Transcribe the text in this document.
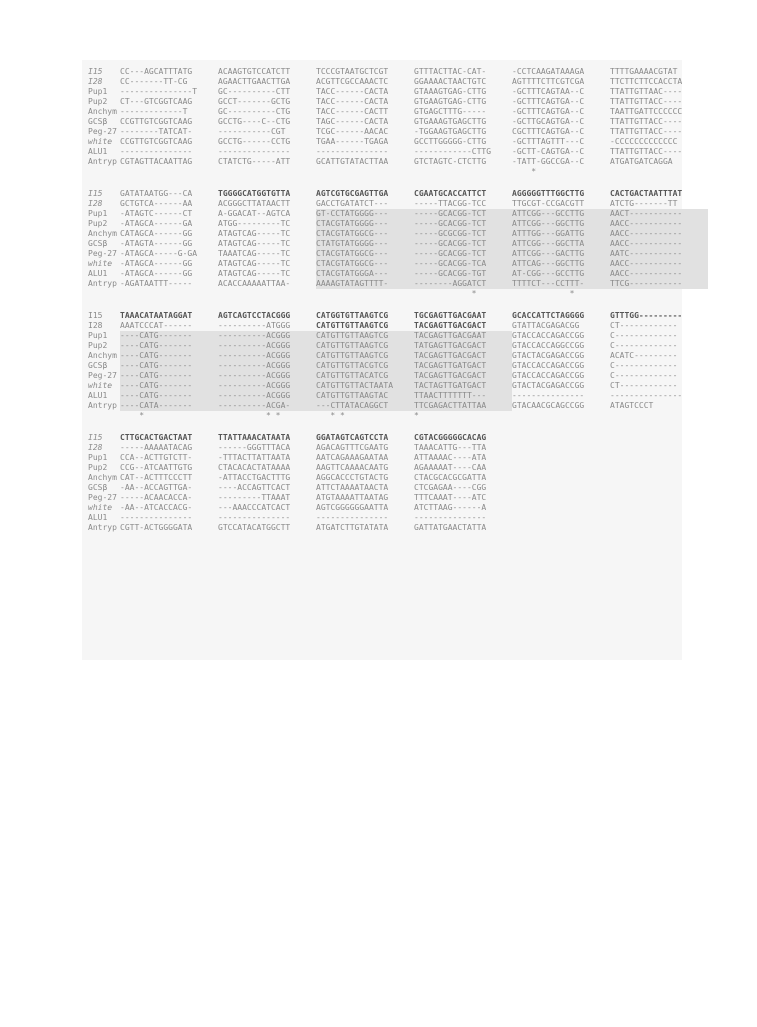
I15	CC---AGCATTTATG	ACAAGTGTCCATCTT	TCCCGTAATGCTCGT	GTTTACTTAC-CAT-	-CCTCAAGATAAAGA	TTTTGAAAACGTAT
I28	CC-------TT-CG	AGAACTTGAACTTGA	ACGTTCGCCAAACTC	GGAAAACTAACTGTC	AGTTTTCTTCGTCGA	TTCTTCTTCCACCTA
Pup1	---------------T	GC----------CTT	TACC------CACTA	GTAAAGTGAG-CTTG	-GCTTTCAGTAA--C	TTATTGTTAAC----
Pup2	CT---GTCGGTCAAG	GCCT-------GCTG	TACC------CACTA	GTGAAGTGAG-CTTG	-GCTTTCAGTGA--C	TTATTGTTACC----
Anchym -------------T	GC----------CTG	TACC------CACTT	GTGAGCTTTG-----	-GCTTTCAGTGA--C	TAATTGATTCCCCCC
GCSβ	CCGTTGTCGGTCAAG	GCCTG----C--CTG	TAGC------CACTA	GTGAAAGTGAGCTTG	-GCTTGCAGTGA--C	TTATTGTTACC----
Peg-27 --------TATCAT-	-----------CGT	TCGC------AACAC	-TGGAAGTGAGCTTG	CGCTTTCAGTGA--C	TTATTGTTACC----
white CCGTTGTCGGTCAAG	GCCTG------CCTG	TGAA------TGAGA	GCCTTGGGGG-CTTG	-GCTTTAGTTT---C	-CCCCCCCCCCCCC
ALU1	---------------	---------------	---------------	------------CTTG	-GCTT-CAGTGA--C	TTATTGTTACC----
Antryp CGTAGTTACAATTAG	CTATCTG-----ATT	GCATTGTATACTTAA	GTCTAGTC-CTCTTG	-TATT-GGCCGA--C	ATGATGATCAGGA
*
I15	GATATAATGG---CA	TGGGGCATGGTGTTA	AGTCGTGCGAGTTGA	CGAATGCACCATTCT	AGGGGGTTTGGCTTG	CACTGACTAATTTAT
I28	GCTGTCA------AA	ACGGGCTTATAACTT	GACCTGATATCT---	-----TTACGG-TCC	TTGCGT-CCGACGTT	ATCTG-------TT
Pup1	-ATAGTC------CT	A-GGACAT--AGTCA	GT-CCTATGGGG---	-----GCACGG-TCT	ATTCGG---GCCTTG	AACT-----------
Pup2	-ATAGCA------GA	ATGG---------TC	CTACGTATGGGG---	-----GCACGG-TCT	ATTCGG---GGCTTG	AACC-----------
Anchym CATAGCA------GG	ATAGTCAG-----TC	CTACGTATGGCG---	-----GCGCGG-TCT	ATTTGG---GGATTG	AACC-----------
GCSβ	-ATAGTA------GG	ATAGTCAG-----TC	CTATGTATGGGG---	-----GCACGG-TCT	ATTCGG---GGCTTA	AACC-----------
Peg-27 -ATAGCA-----G-GA	TAAATCAG-----TC	CTACGTATGGCG---	-----GCACGG-TCT	ATTCGG---GACTTG	AATC-----------
white -ATAGCA------GG	ATAGTCAG-----TC	CTACGTATGGCG---	-----GCACGG-TCA	ATTCAG---GGCTTG	AACC-----------
ALU1	-ATAGCA------GG	ATAGTCAG-----TC	CTACGTATGGGA---	-----GCACGG-TGT	AT-CGG---GCCTTG	AACC-----------
Antryp -AGATAATTT-----	ACACCAAAAATTAA-	AAAAGTATAGTTTT-	--------AGGATCT	TTTTCT---CCTTT-	TTCG-----------
*	*
I15	TAAACATAATAGGAT	AGTCAGTCCTACGGG	CATGGTGTTAAGTCG	TGCGAGTTGACGAAT	GCACCATTCTAGGGG	GTTTGG---------
I28	AAATCCCAT------	----------ATGGG	CATGTTGTTAAGTCG	TACGAGTTGACGACT	GTATTACGAGACGG	CT------------
Pup1	----CATG-------	----------ACGGG	CATGTTGTTAAGTCG	TACGAGTTGACGAAT	GTACCACCAGACCGG	C-------------
Pup2	----CATG-------	----------ACGGG	CATGTTGTTAAGTCG	TATGAGTTGACGACT	GTACCACCAGGCCGG	C-------------
Anchym ----CATG-------	----------ACGGG	CATGTTGTTAAGTCG	TACGAGTTGACGACT	GTACTACGAGACCGG	ACATC---------
GCSβ	----CATG-------	----------ACGGG	CATGTTGTTACGTCG	TACGAGTTGATGACT	GTACCACCAGACCGG	C-------------
Peg-27 ----CATG-------	----------ACGGG	CATGTTGTTACATCG	TACGAGTTGACGACT	GTACCACCAGACCGG	C-------------
white ----CATG-------	----------ACGGG	CATGTTGTTACTAATA	TACTAGTTGATGACT	GTACTACGAGACCGG	CT------------
ALU1	----CATG-------	----------ACGGG	CATGTTGTTAAGTAC	TTAACTTTTTTT---	---------------	---------------
Antryp ----CATA-------	----------ACGA-	---CTTATACAGGCT	TTCGAGACTTATTAA	GTACAACGCAGCCGG	ATAGTCCCT
*	* *	* *	*
I15	CTTGCACTGACTAAT	TTATTAAACATAATA	GGATAGTCAGTCCTA	CGTACGGGGGCACAG
I28	-----AAAAATACAG	------GGGTTTACA	AGACAGTTTCGAATG	TAAACATTG---TTA
Pup1	CCA--ACTTGTCTT-	-TTTACTTATTAATA	AATCAGAAAGAATAA	ATTAAAAC----ATA
Pup2	CCG--ATCAATTGTG	CTACACACTATAAAA	AAGTTCAAAACAATG	AGAAAAAT----CAA
Anchym CAT--ACTTTCCCTT	-ATTACCTGACTTTG	AGGCACCCTGTACTG	CTACGCACGCGATTA
GCSβ	-AA--ACCAGTTGA-	----ACCAGTTCACT	ATTCTAAAATAACTA	CTCGAGAA----CGG
Peg-27 -----ACAACACCA-	---------TTAAAT	ATGTAAAATTAATAG	TTTCAAAT----ATC
white -AA--ATCACCACG-	---AAACCCATCACT	AGTCGGGGGGAATTA	ATCTTAAG------A
ALU1	---------------	---------------	---------------	---------------
Antryp CGTT-ACTGGGGATA	GTCCATACATGGCTT	ATGATCTTGTATATA	GATTATGAACTATTA
